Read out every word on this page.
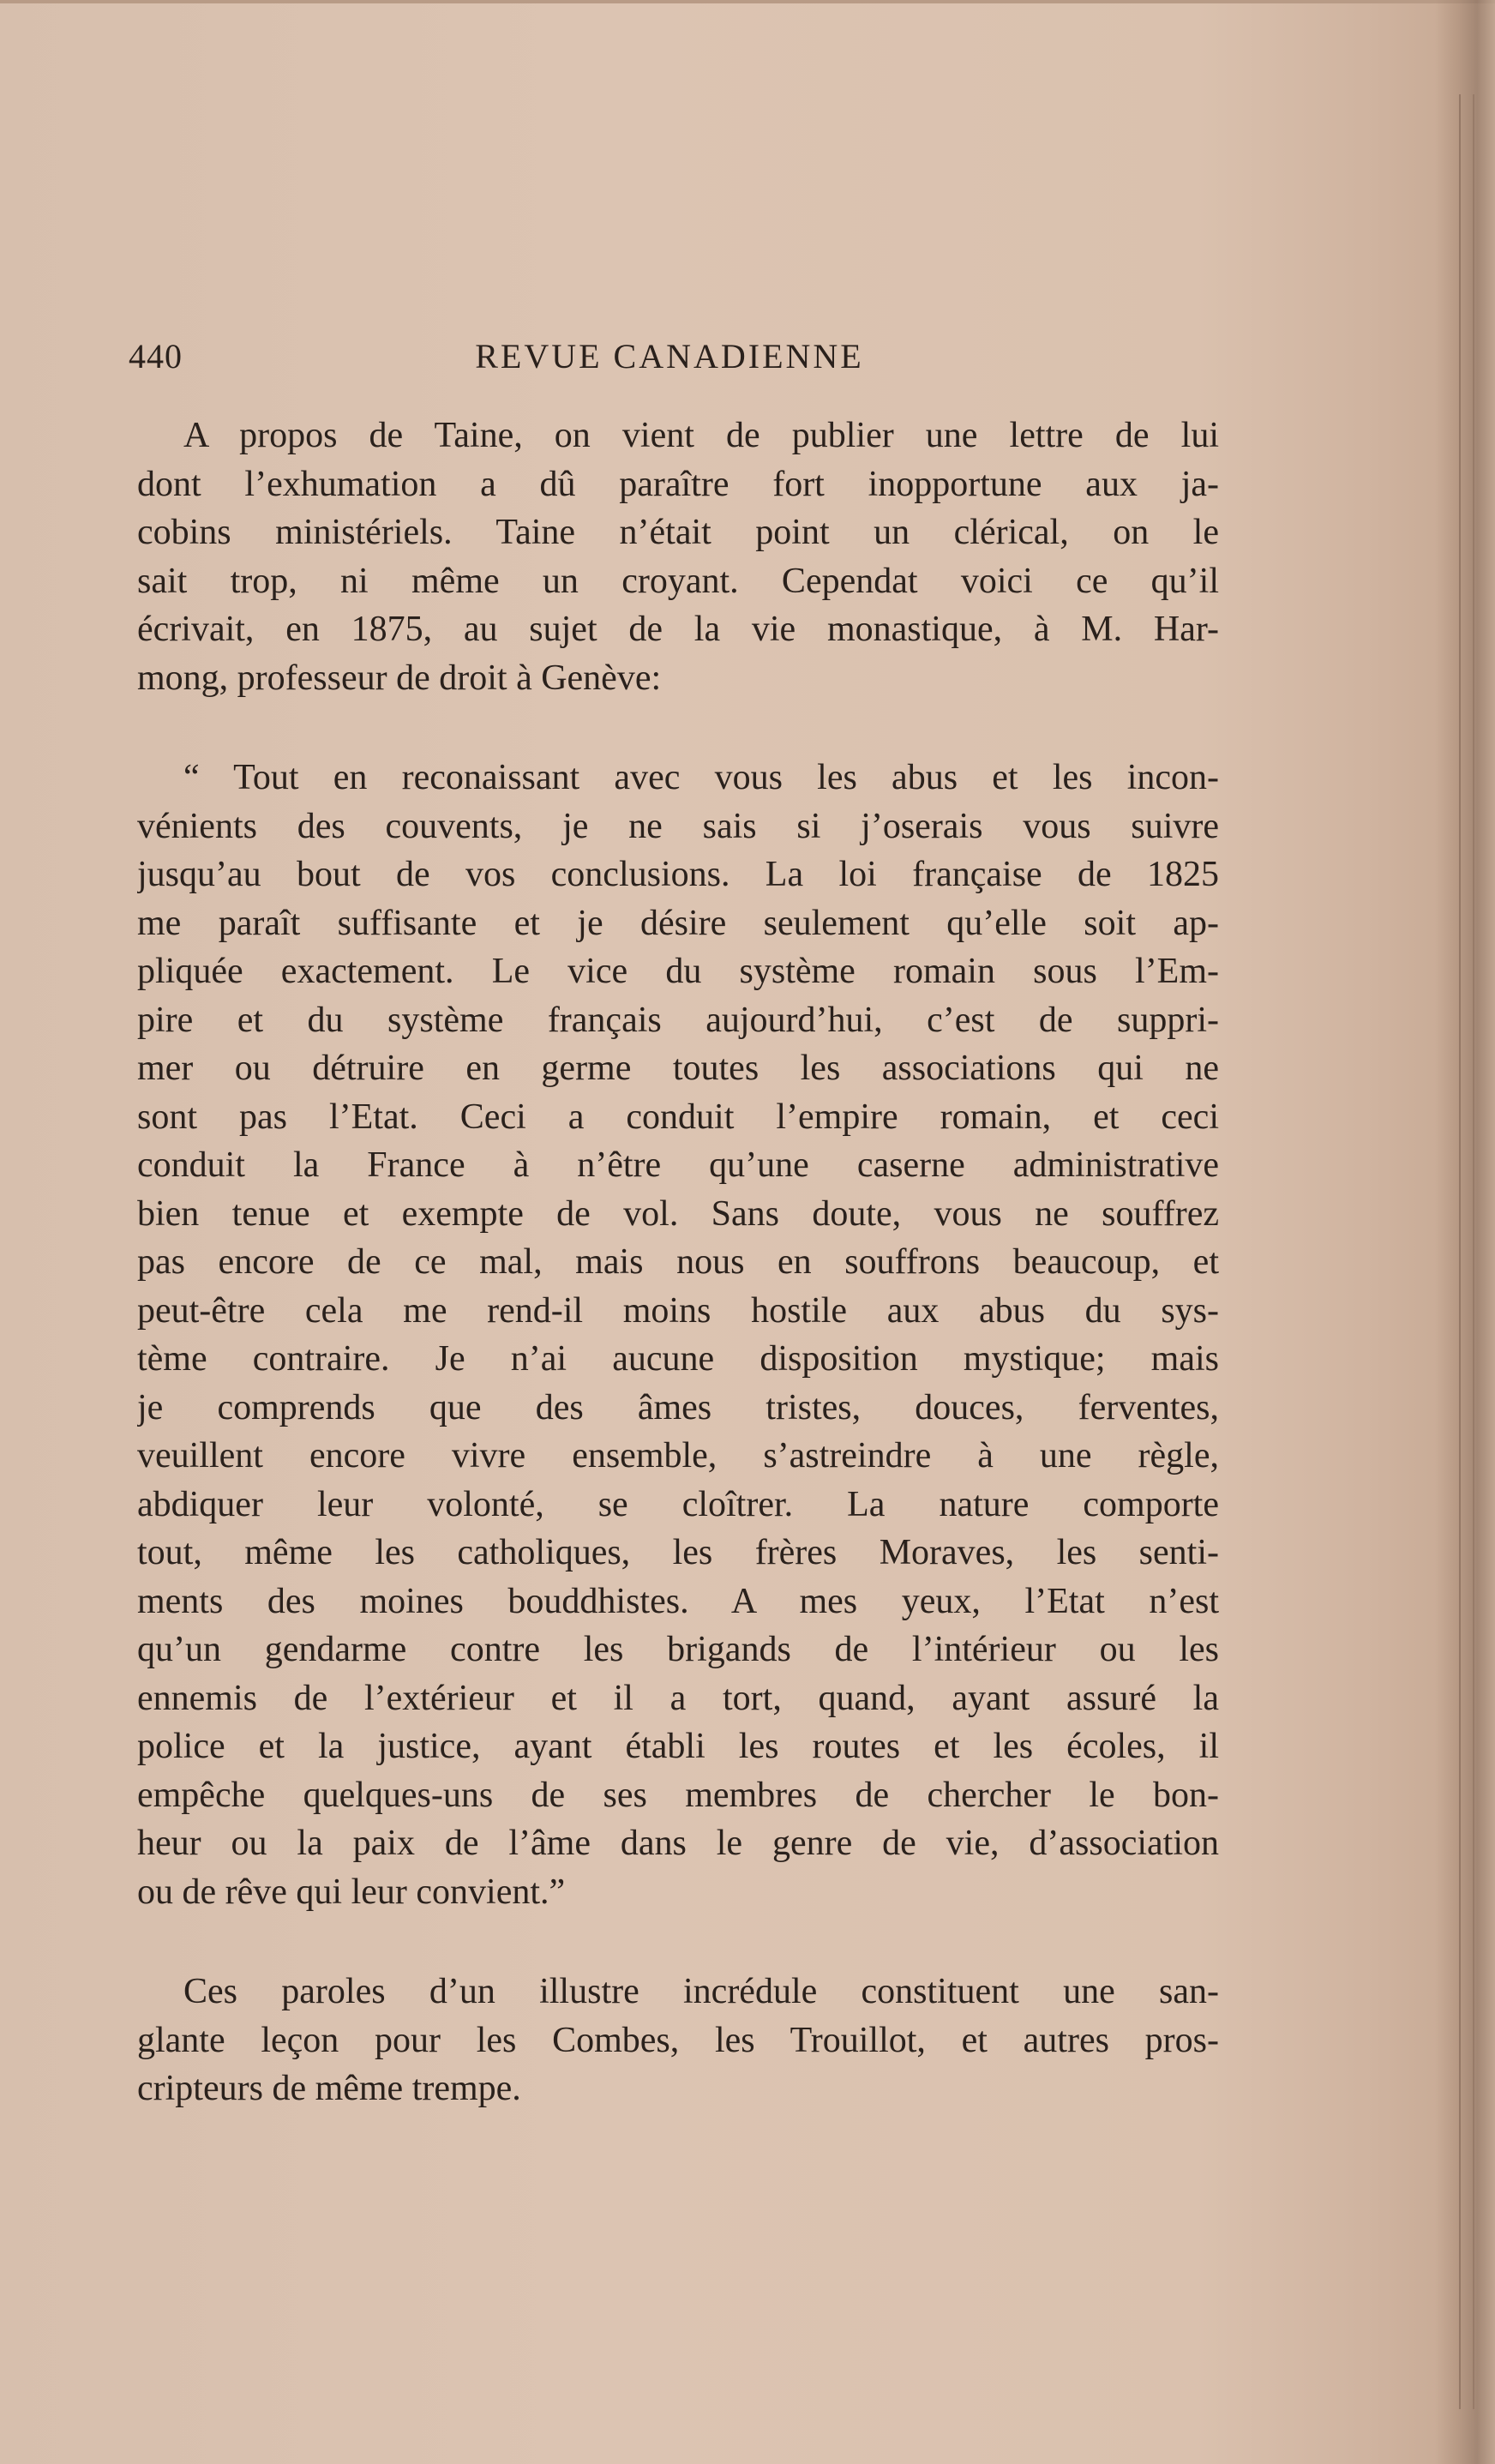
440	REVUE CANADIENNE
A propos de Taine, on vient de publier une lettre de lui
dont l’exhumation a dû paraître fort inopportune aux ja-
cobins ministériels. Taine n’était point un clérical, on le
sait trop, ni même un croyant. Cependat voici ce qu’il
écrivait, en 1875, au sujet de la vie monastique, à M. Har-
mong, professeur de droit à Genève:
“ Tout en reconaissant avec vous les abus et les incon-
vénients des couvents, je ne sais si j’oserais vous suivre
jusqu’au bout de vos conclusions. La loi française de 1825
me paraît suffisante et je désire seulement qu’elle soit ap-
pliquée exactement. Le vice du système romain sous l’Em-
pire et du système français aujourd’hui, c’est de suppri-
mer ou détruire en germe toutes les associations qui ne
sont pas l’Etat. Ceci a conduit l’empire romain, et ceci
conduit la France à n’être qu’une caserne administrative
bien tenue et exempte de vol. Sans doute, vous ne souffrez
pas encore de ce mal, mais nous en souffrons beaucoup, et
peut-être cela me rend-il moins hostile aux abus du sys-
tème contraire. Je n’ai aucune disposition mystique; mais
je comprends que des âmes tristes, douces, ferventes,
veuillent encore vivre ensemble, s’astreindre à une règle,
abdiquer leur volonté, se cloîtrer. La nature comporte
tout, même les catholiques, les frères Moraves, les senti-
ments des moines bouddhistes. A mes yeux, l’Etat n’est
qu’un gendarme contre les brigands de l’intérieur ou les
ennemis de l’extérieur et il a tort, quand, ayant assuré la
police et la justice, ayant établi les routes et les écoles, il
empêche quelques-uns de ses membres de chercher le bon-
heur ou la paix de l’âme dans le genre de vie, d’association
ou de rêve qui leur convient.”
Ces paroles d’un illustre incrédule constituent une san-
glante leçon pour les Combes, les Trouillot, et autres pros-
cripteurs de même trempe.
